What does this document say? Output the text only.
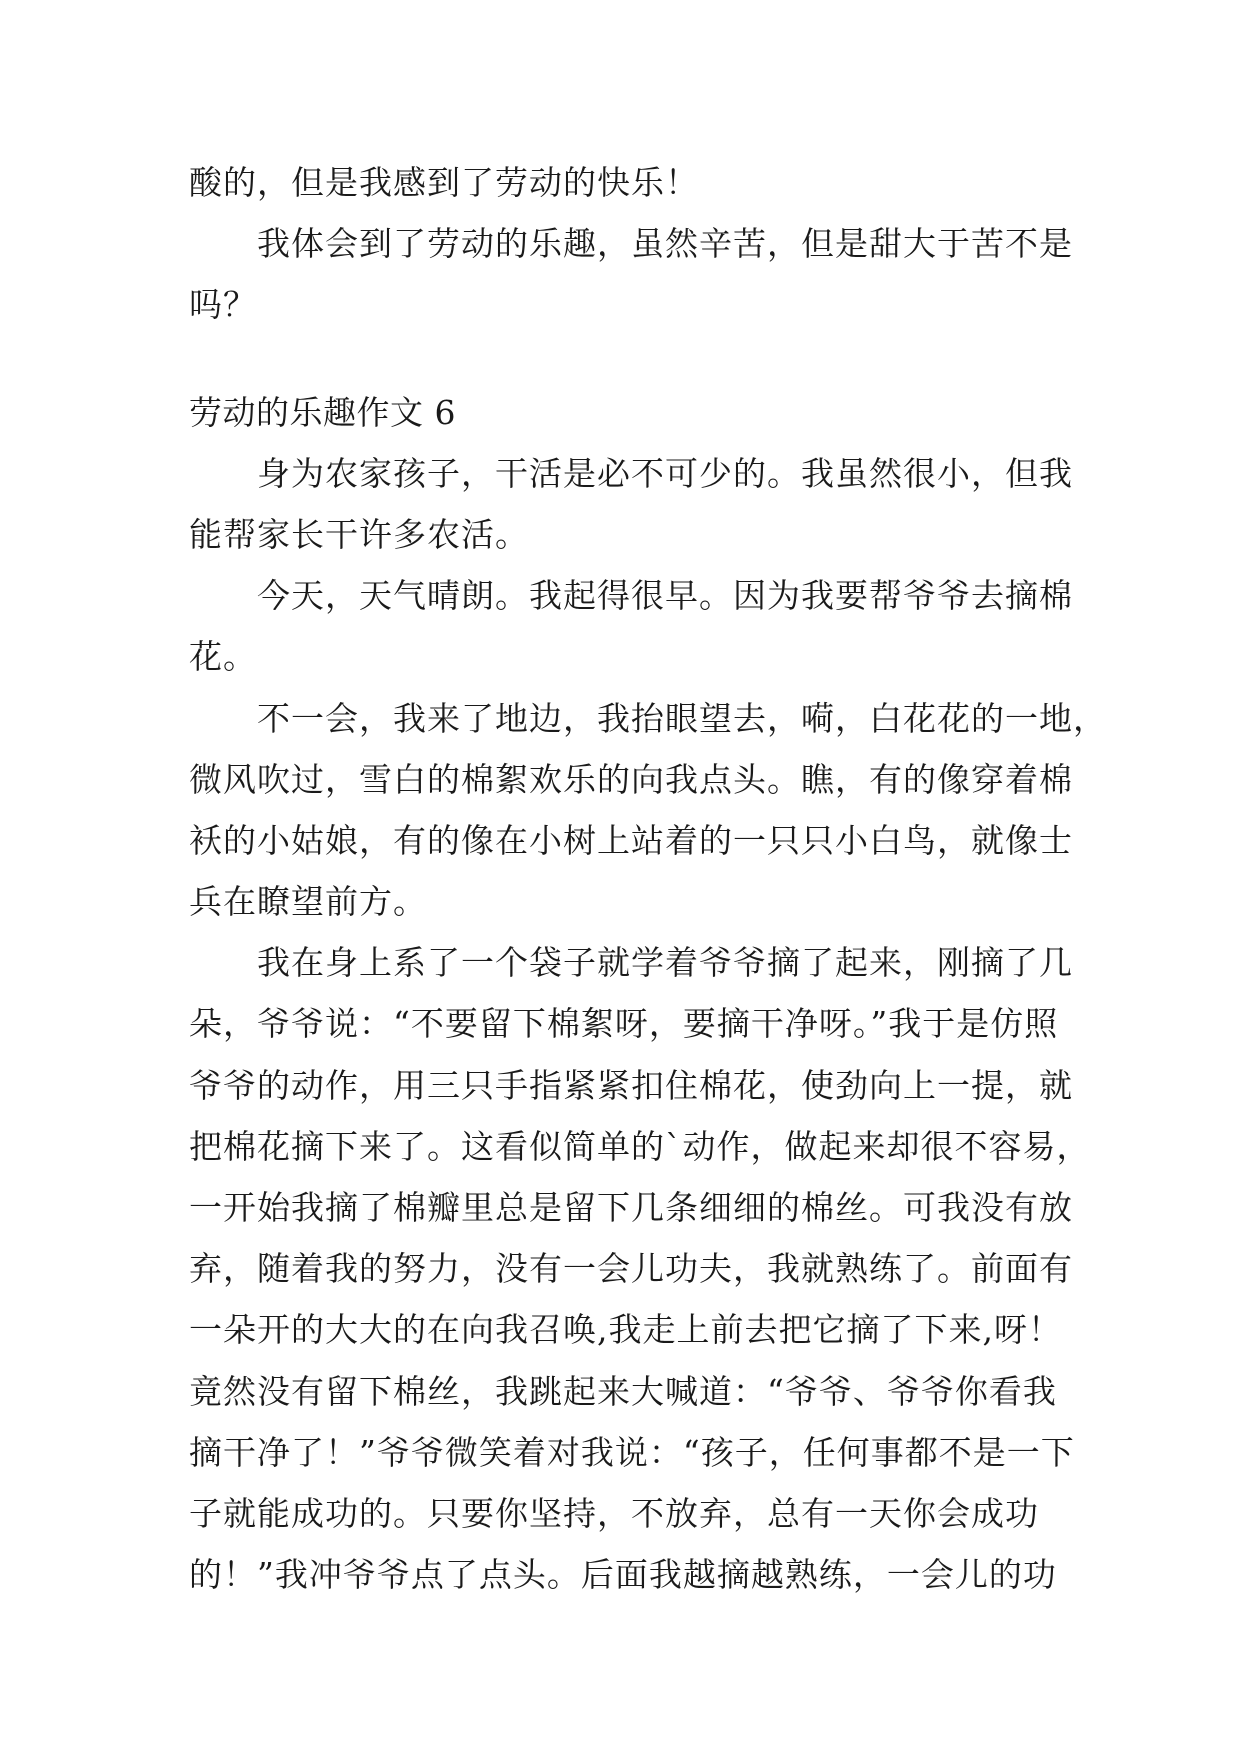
酸的，但是我感到了劳动的快乐！
我体会到了劳动的乐趣，虽然辛苦，但是甜大于苦不是
吗？
劳动的乐趣作文 6
身为农家孩子，干活是必不可少的。我虽然很小，但我
能帮家长干许多农活。
今天，天气晴朗。我起得很早。因为我要帮爷爷去摘棉
花。
不一会，我来了地边，我抬眼望去，嗬，白花花的一地，
微风吹过，雪白的棉絮欢乐的向我点头。瞧，有的像穿着棉
袄的小姑娘，有的像在小树上站着的一只只小白鸟，就像士
兵在瞭望前方。
我在身上系了一个袋子就学着爷爷摘了起来，刚摘了几
朵，爷爷说：“不要留下棉絮呀，要摘干净呀。”我于是仿照
爷爷的动作，用三只手指紧紧扣住棉花，使劲向上一提，就
把棉花摘下来了。这看似简单的`动作，做起来却很不容易，
一开始我摘了棉瓣里总是留下几条细细的棉丝。可我没有放
弃，随着我的努力，没有一会儿功夫，我就熟练了。前面有
一朵开的大大的在向我召唤,我走上前去把它摘了下来,呀！
竟然没有留下棉丝，我跳起来大喊道：“爷爷、爷爷你看我
摘干净了！”爷爷微笑着对我说：“孩子，任何事都不是一下
子就能成功的。只要你坚持，不放弃，总有一天你会成功
的！”我冲爷爷点了点头。后面我越摘越熟练，一会儿的功
